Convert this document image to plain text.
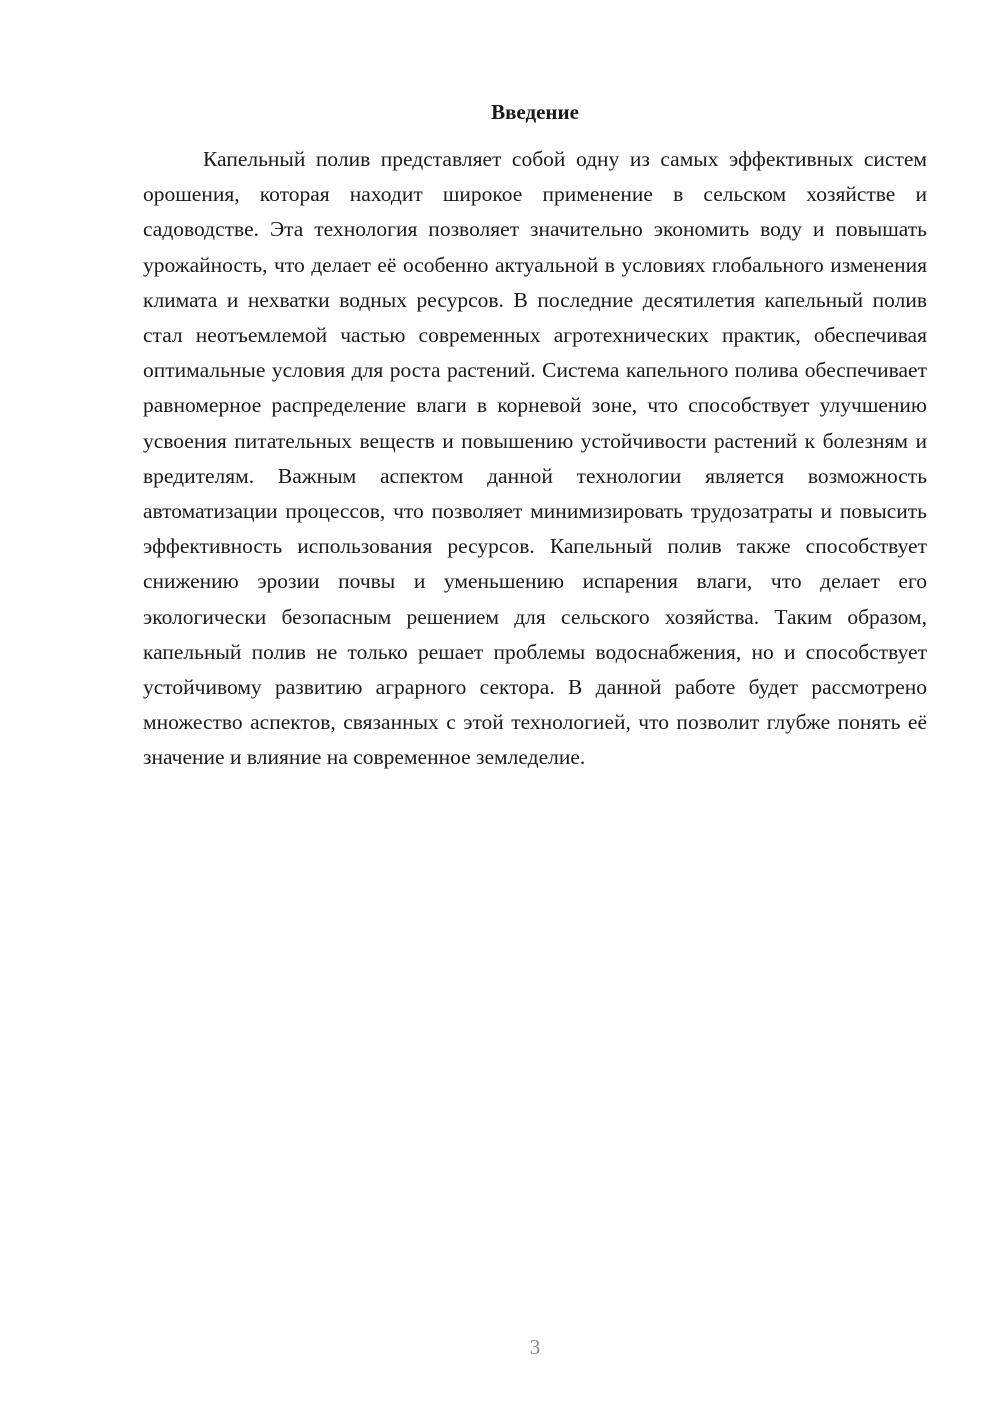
Введение

Капельный полив представляет собой одну из самых эффективных систем орошения, которая находит широкое применение в сельском хозяйстве и садоводстве. Эта технология позволяет значительно экономить воду и повышать урожайность, что делает её особенно актуальной в условиях глобального изменения климата и нехватки водных ресурсов. В последние десятилетия капельный полив стал неотъемлемой частью современных агротехнических практик, обеспечивая оптимальные условия для роста растений. Система капельного полива обеспечивает равномерное распределение влаги в корневой зоне, что способствует улучшению усвоения питательных веществ и повышению устойчивости растений к болезням и вредителям. Важным аспектом данной технологии является возможность автоматизации процессов, что позволяет минимизировать трудозатраты и повысить эффективность использования ресурсов. Капельный полив также способствует снижению эрозии почвы и уменьшению испарения влаги, что делает его экологически безопасным решением для сельского хозяйства. Таким образом, капельный полив не только решает проблемы водоснабжения, но и способствует устойчивому развитию аграрного сектора. В данной работе будет рассмотрено множество аспектов, связанных с этой технологией, что позволит глубже понять её значение и влияние на современное земледелие.

3
